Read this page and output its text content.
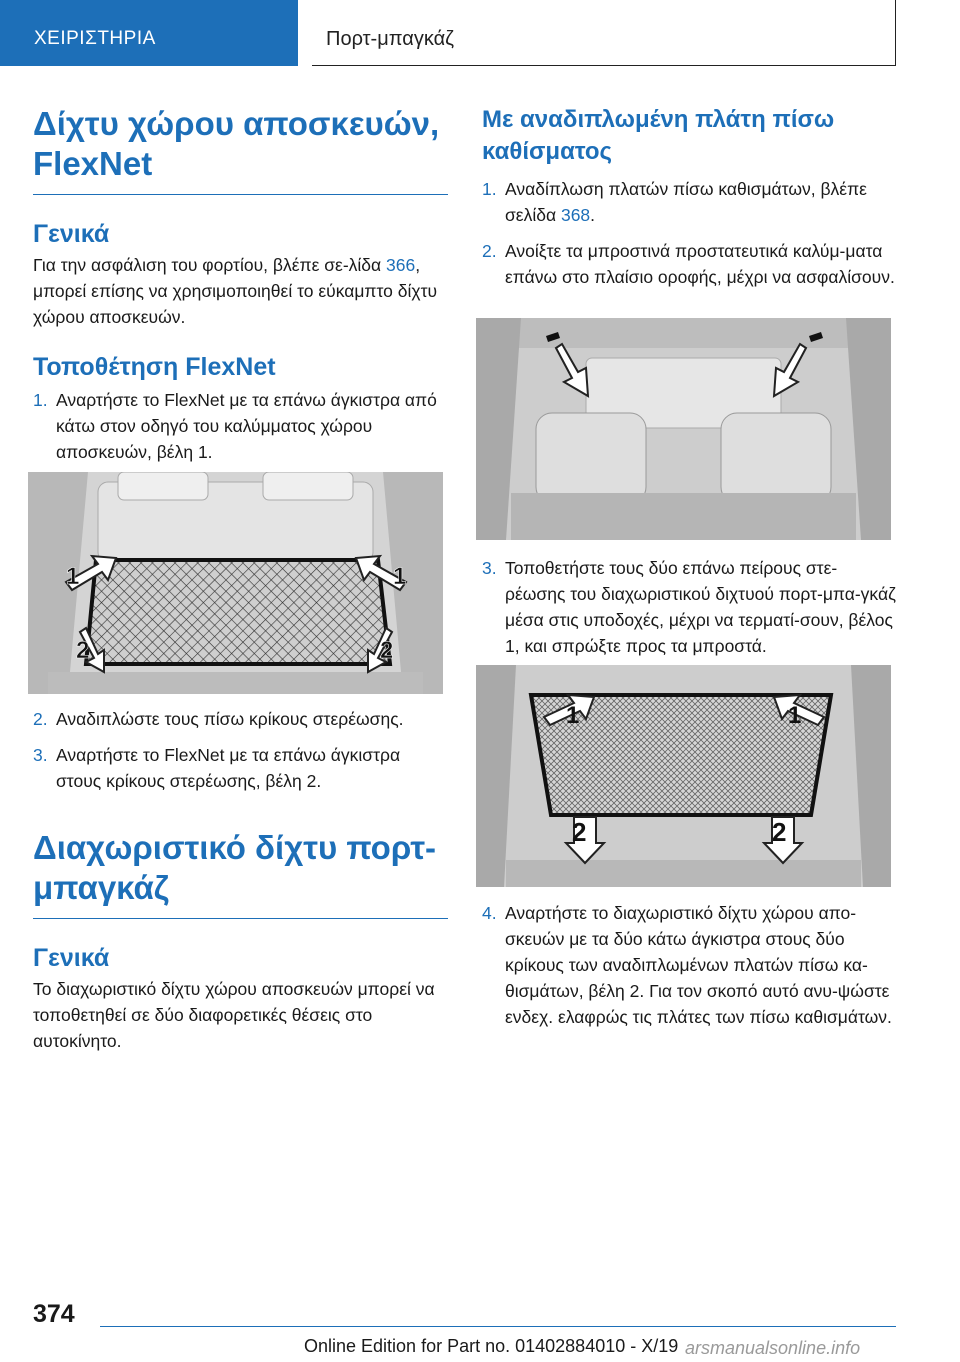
ΧΕΙΡΙΣΤΗΡΙΑ	Πορτ-μπαγκάζ
Δίχτυ χώρου αποσκευών,
FlexNet
Γενικά

Για την ασφάλιση του φορτίου, βλέπε σε-λίδα 366, μπορεί επίσης να χρησιμοποιηθεί το εύκαμπτο δίχτυ χώρου αποσκευών.

Τοποθέτηση FlexNet
1. Αναρτήστε το FlexNet με τα επάνω άγκιστρα από κάτω στον οδηγό του καλύμματος χώρου αποσκευών, βέλη 1.
1	1
2	2
2. Αναδιπλώστε τους πίσω κρίκους στερέωσης.
3. Αναρτήστε το FlexNet με τα επάνω άγκιστρα στους κρίκους στερέωσης, βέλη 2.
Διαχωριστικό δίχτυ πορτ-
μπαγκάζ
Γενικά

Το διαχωριστικό δίχτυ χώρου αποσκευών μπορεί να τοποθετηθεί σε δύο διαφορετικές θέσεις στο αυτοκίνητο.

Με αναδιπλωμένη πλάτη πίσω καθίσματος
1. Αναδίπλωση πλατών πίσω καθισμάτων, βλέπε σελίδα 368.
2. Ανοίξτε τα μπροστινά προστατευτικά καλύμ-ματα επάνω στο πλαίσιο οροφής, μέχρι να ασφαλίσουν.
3. Τοποθετήστε τους δύο επάνω πείρους στε-ρέωσης του διαχωριστικού διχτυού πορτ-μπα-γκάζ μέσα στις υποδοχές, μέχρι να τερματί-σουν, βέλος 1, και σπρώξτε προς τα μπροστά.
1	1
2	2
4. Αναρτήστε το διαχωριστικό δίχτυ χώρου απο-σκευών με τα δύο κάτω άγκιστρα στους δύο κρίκους των αναδιπλωμένων πλατών πίσω κα-θισμάτων, βέλη 2. Για τον σκοπό αυτό ανυ-ψώστε ενδεχ. ελαφρώς τις πλάτες των πίσω καθισμάτων.
374
Online Edition for Part no. 01402884010 - X/19 arsmanualsonline.info
